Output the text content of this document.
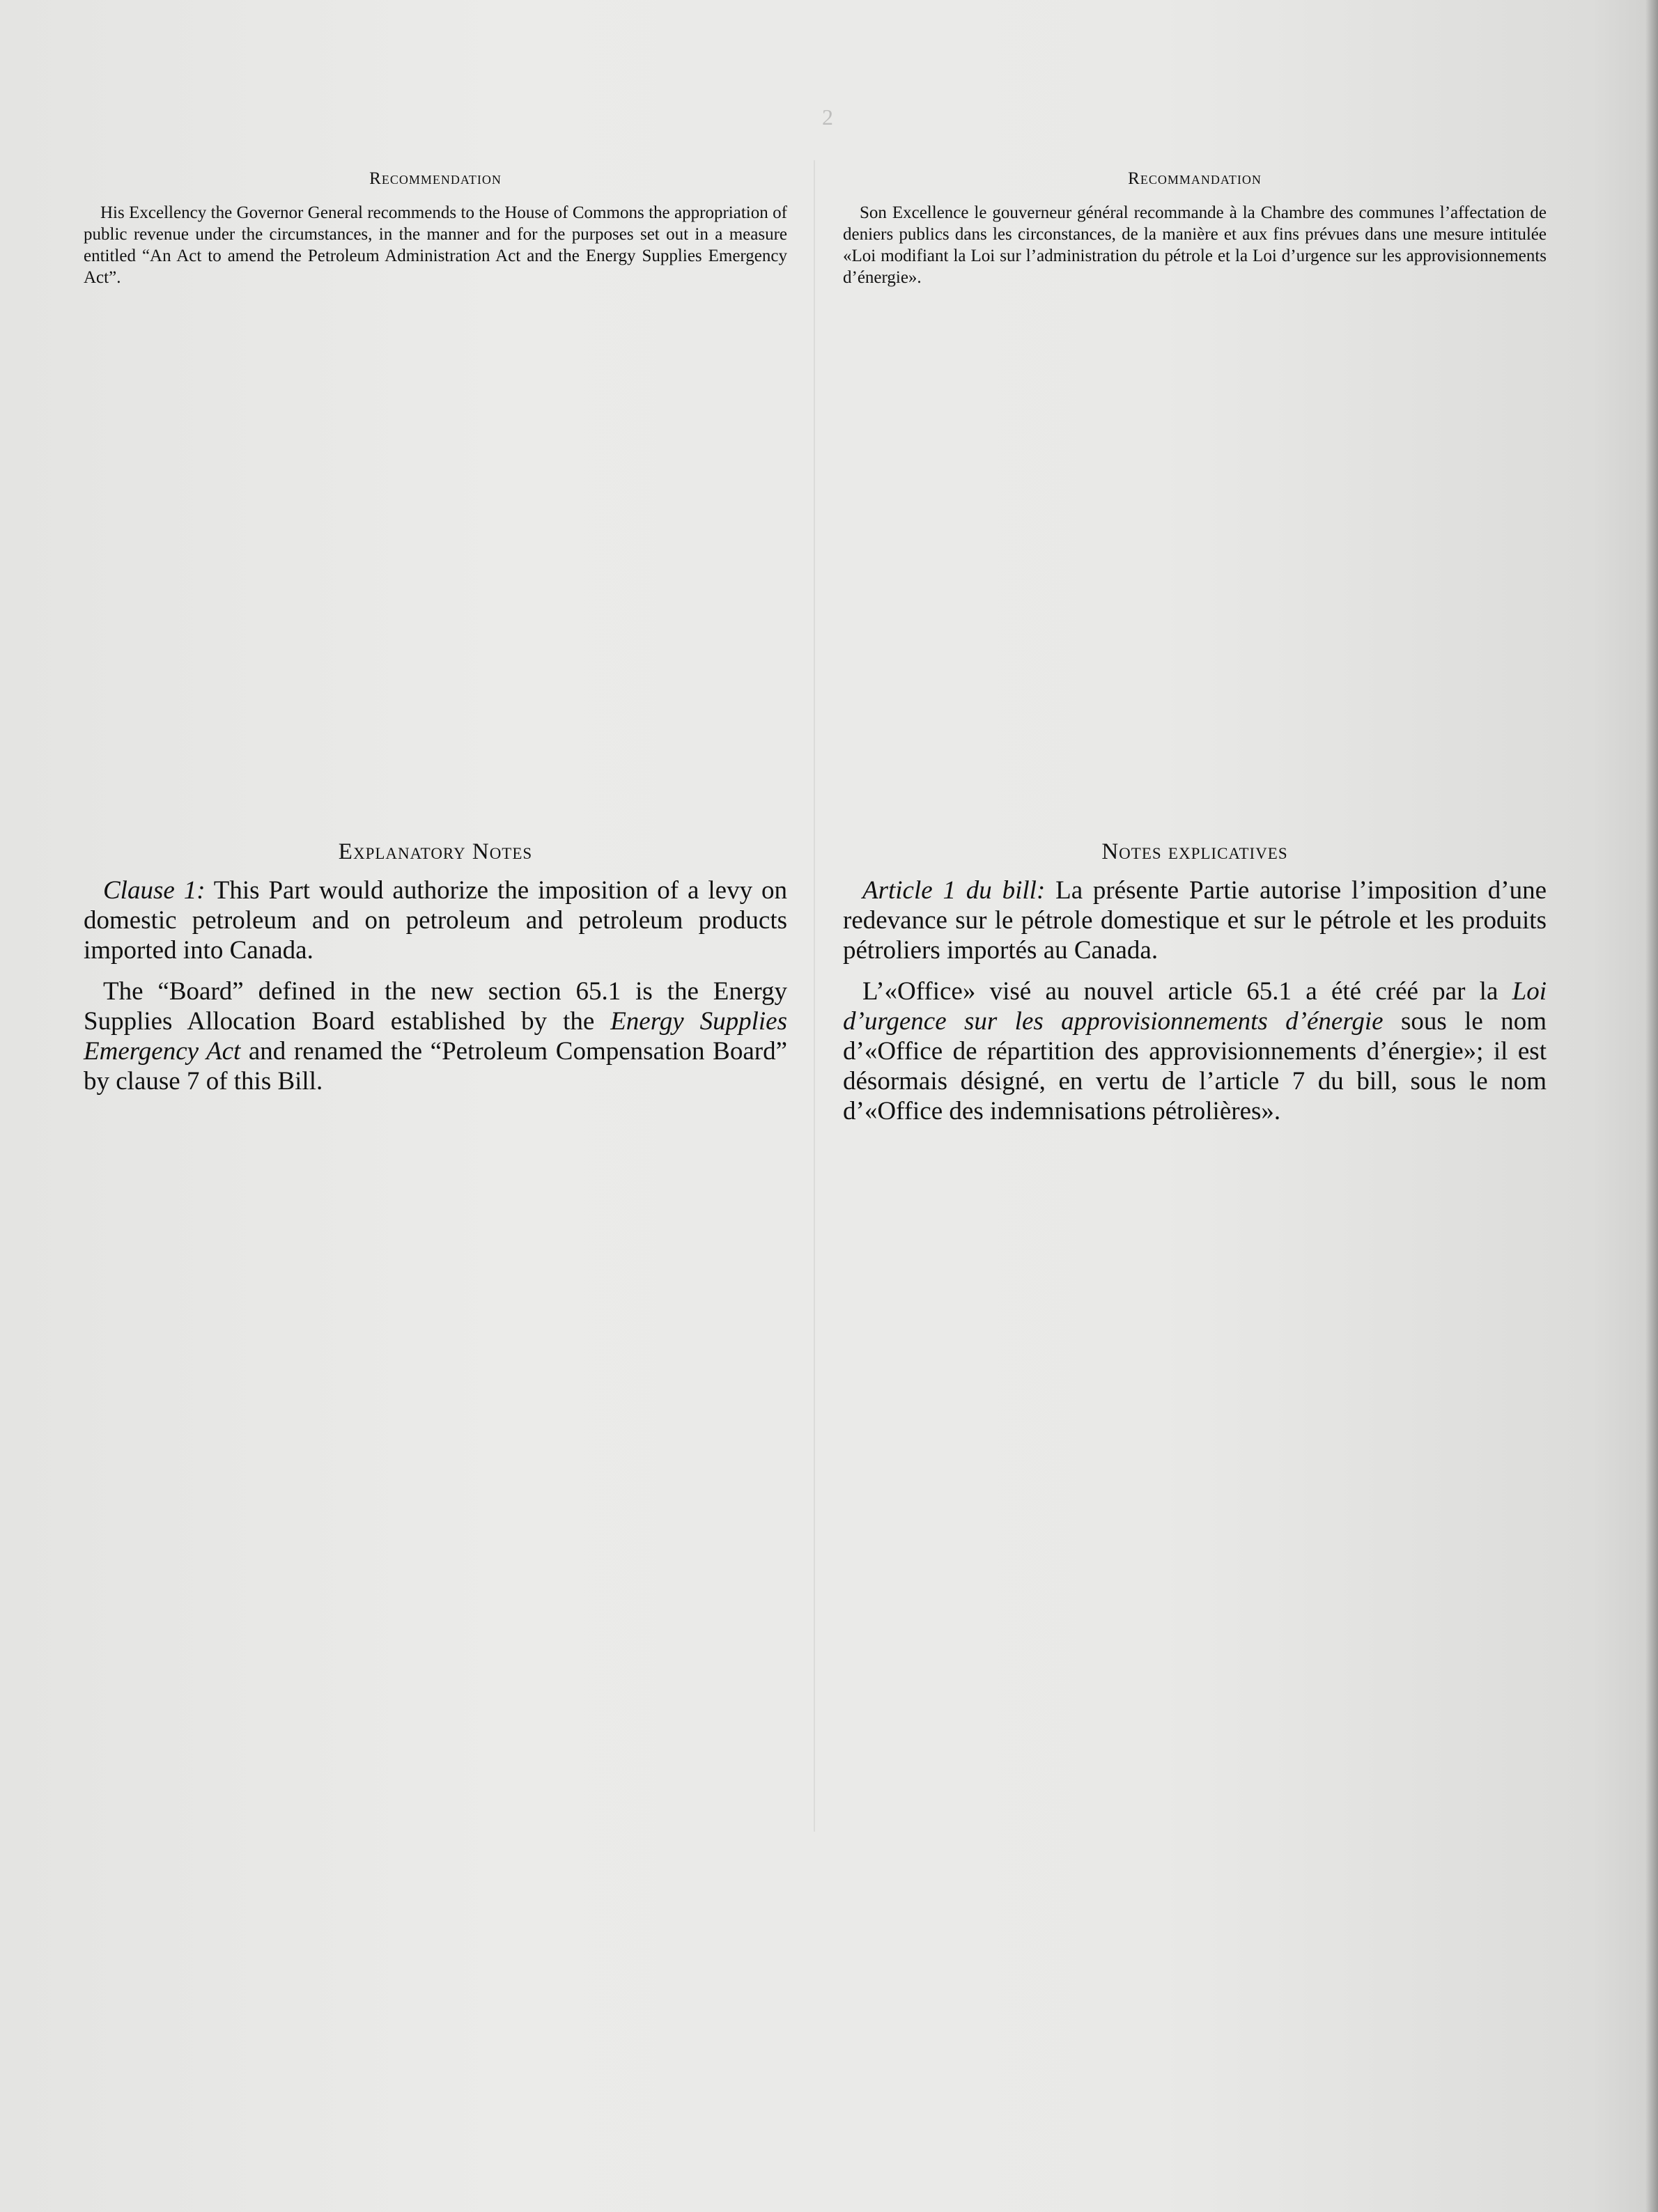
2
Recommendation
His Excellency the Governor General recommends to the House of Commons the appropriation of public revenue under the circumstances, in the manner and for the purposes set out in a measure entitled “An Act to amend the Petroleum Administration Act and the Energy Supplies Emergency Act”.
Explanatory Notes

Clause 1: This Part would authorize the imposition of a levy on domestic petroleum and on petroleum and petroleum products imported into Canada.

The “Board” defined in the new section 65.1 is the Energy Supplies Allocation Board established by the Energy Supplies Emergency Act and renamed the “Petroleum Compensation Board” by clause 7 of this Bill.

Recommandation
Son Excellence le gouverneur général recommande à la Chambre des communes l’affectation de deniers publics dans les circonstances, de la manière et aux fins prévues dans une mesure intitulée «Loi modifiant la Loi sur l’administration du pétrole et la Loi d’urgence sur les approvisionnements d’énergie».
Notes explicatives

Article 1 du bill: La présente Partie autorise l’imposition d’une redevance sur le pétrole domestique et sur le pétrole et les produits pétroliers importés au Canada.

L’«Office» visé au nouvel article 65.1 a été créé par la Loi d’urgence sur les approvisionnements d’énergie sous le nom d’«Office de répartition des approvisionnements d’énergie»; il est désormais désigné, en vertu de l’article 7 du bill, sous le nom d’«Office des indemnisations pétrolières».
